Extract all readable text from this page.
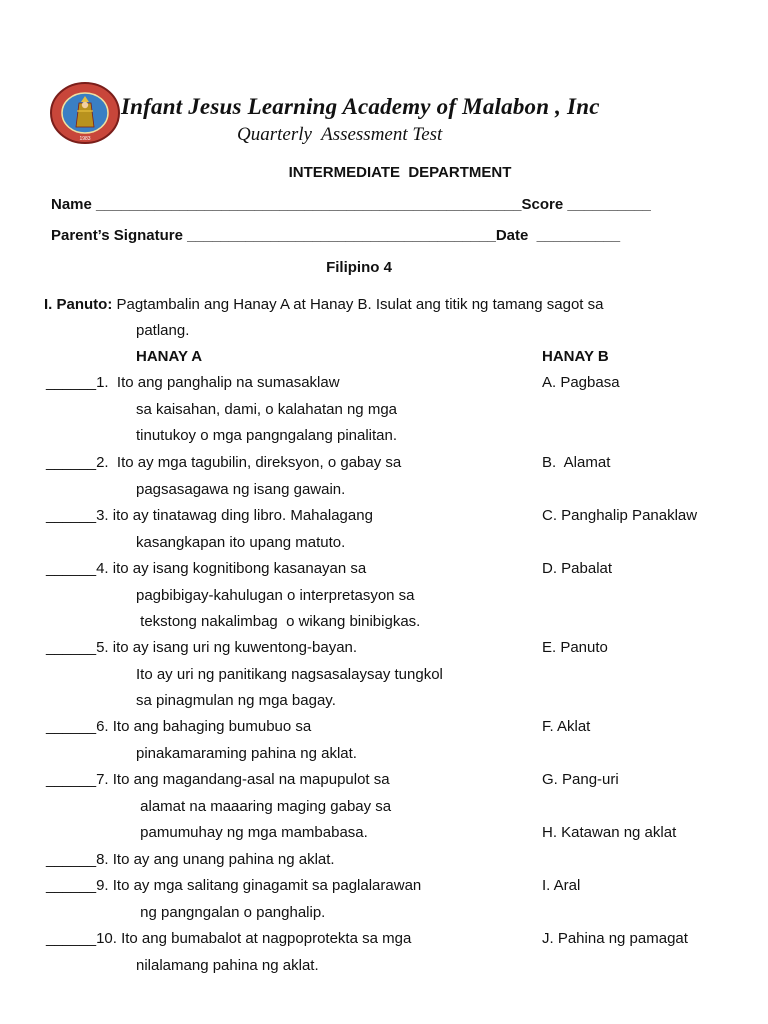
1983
Infant Jesus Learning Academy of Malabon , Inc
Quarterly  Assessment Test
INTERMEDIATE  DEPARTMENT
Name ___________________________________________________Score __________
Parent’s Signature _____________________________________Date  __________
Filipino 4
I. Panuto: Pagtambalin ang Hanay A at Hanay B. Isulat ang titik ng tamang sagot sa
patlang.
HANAY A	HANAY B
______1.  Ito ang panghalip na sumasaklaw
sa kaisahan, dami, o kalahatan ng mga
tinutukoy o mga pangngalang pinalitan.
______2.  Ito ay mga tagubilin, direksyon, o gabay sa
pagsasagawa ng isang gawain.
______3. ito ay tinatawag ding libro. Mahalagang
kasangkapan ito upang matuto.
______4. ito ay isang kognitibong kasanayan sa
pagbibigay-kahulugan o interpretasyon sa
tekstong nakalimbag  o wikang binibigkas.
______5. ito ay isang uri ng kuwentong-bayan.
Ito ay uri ng panitikang nagsasalaysay tungkol
sa pinagmulan ng mga bagay.
______6. Ito ang bahaging bumubuo sa
pinakamaraming pahina ng aklat.
______7. Ito ang magandang-asal na mapupulot sa
alamat na maaaring maging gabay sa
pamumuhay ng mga mambabasa.
______8. Ito ay ang unang pahina ng aklat.
______9. Ito ay mga salitang ginagamit sa paglalarawan
ng pangngalan o panghalip.
______10. Ito ang bumabalot at nagpoprotekta sa mga
nilalamang pahina ng aklat.
A. Pagbasa
B.  Alamat
C. Panghalip Panaklaw
D. Pabalat
E. Panuto
F. Aklat
G. Pang-uri
H. Katawan ng aklat
I. Aral
J. Pahina ng pamagat
